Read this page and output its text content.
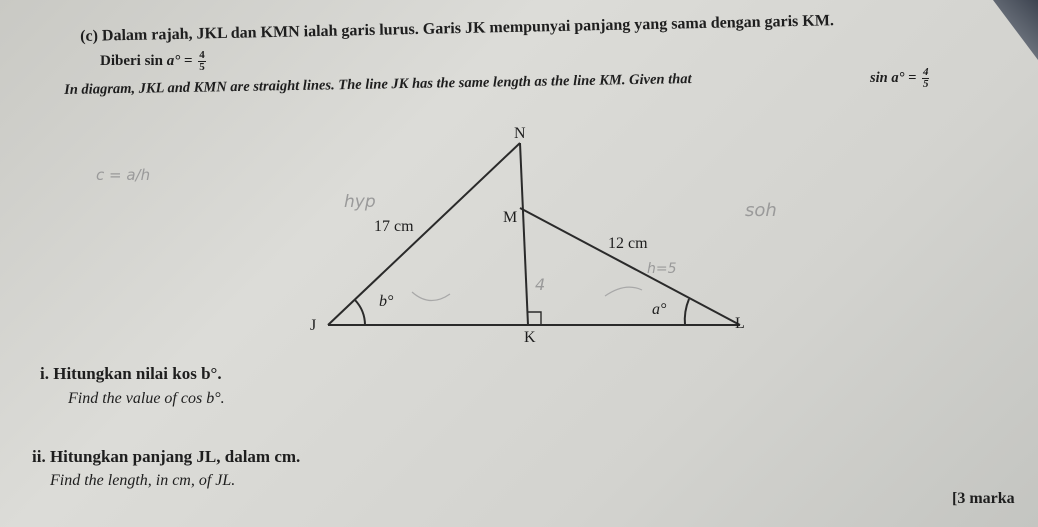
(c) Dalam rajah, JKL dan KMN ialah garis lurus. Garis JK mempunyai panjang yang sama dengan garis KM.
Diberi $\sin a^\circ = \frac{4}{5}$
In diagram, JKL and KMN are straight lines. The line JK has the same length as the line KM. Given that	$\sin a^\circ = \frac{4}{5}$
N
M
J
K
L
17 cm
12 cm
b°	a°
c = a/h
hyp	soh
h=5
4
i. Hitungkan nilai kos b°.
Find the value of cos b°.
ii. Hitungkan panjang JL, dalam cm.
Find the length, in cm, of JL.
[3 marka
